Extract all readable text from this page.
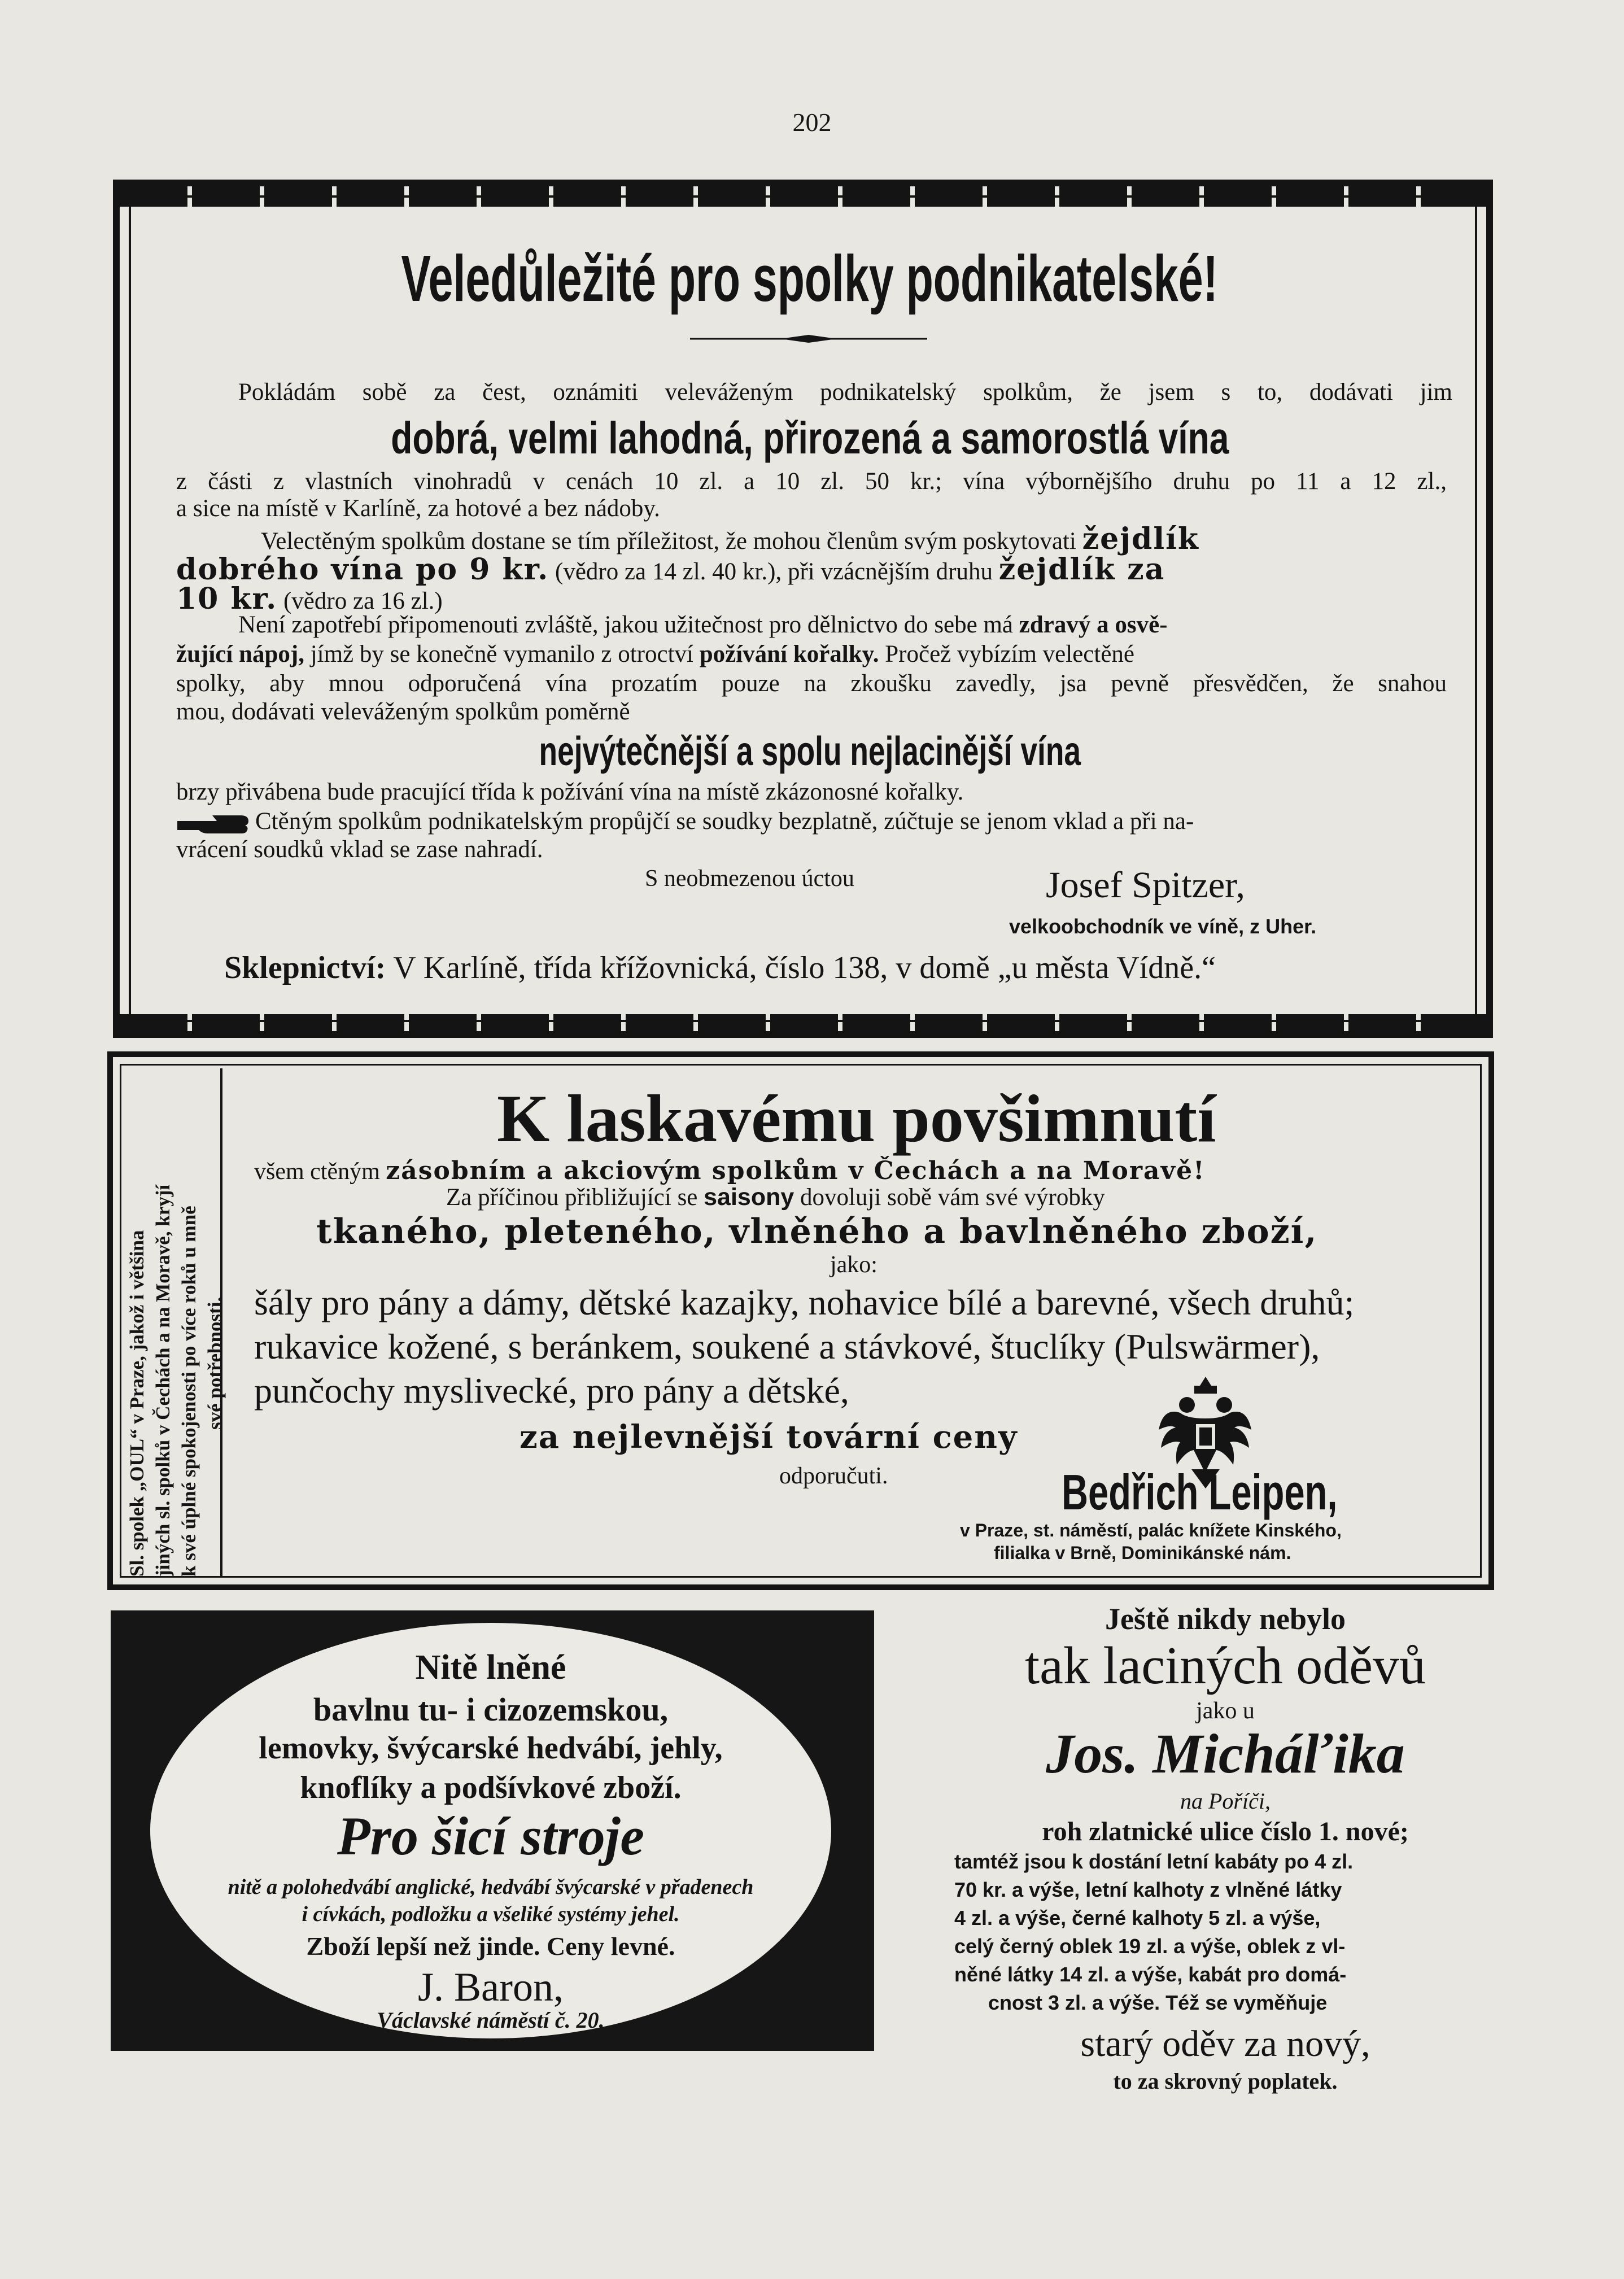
202
Veledůležité pro spolky podnikatelské!
Pokládám sobě za čest, oznámiti veleváženým podnikatelský spolkům, že jsem s to, dodávati jim
dobrá, velmi lahodná, přirozená a samorostlá vína
z části z vlastních vinohradů v cenách 10 zl. a 10 zl. 50 kr.; vína výbornějšího druhu po 11 a 12 zl.,
a sice na místě v Karlíně, za hotové a bez nádoby.
Velectěným spolkům dostane se tím příležitost, že mohou členům svým poskytovati žejdlík
dobrého vína po 9 kr. (vědro za 14 zl. 40 kr.), při vzácnějším druhu žejdlík za
10 kr. (vědro za 16 zl.)
Není zapotřebí připomenouti zvláště, jakou užitečnost pro dělnictvo do sebe má zdravý a osvě-
žující nápoj, jímž by se konečně vymanilo z otroctví požívání kořalky. Pročež vybízím velectěné
spolky, aby mnou odporučená vína prozatím pouze na zkoušku zavedly, jsa pevně přesvědčen, že snahou
mou, dodávati veleváženým spolkům poměrně
nejvýtečnější a spolu nejlacinější vína
brzy přivábena bude pracující třída k požívání vína na místě zkázonosné kořalky.
Ctěným spolkům podnikatelským propůjčí se soudky bezplatně, zúčtuje se jenom vklad a při na-
vrácení soudků vklad se zase nahradí.
S neobmezenou úctou	Josef Spitzer,
velkoobchodník ve víně, z Uher.
Sklepnictví: V Karlíně, třída křížovnická, číslo 138, v domě „u města Vídně.“
Sl. spolek „OUL“ v Praze, jakož i většina jiných sl. spolků v Čechách a na Moravě, kryjí k své úplné spokojenosti po více roků u mně své potřebnosti.
K laskavému povšimnutí
všem ctěným zásobním a akciovým spolkům v Čechách a na Moravě!
Za příčinou přibližující se saisony dovoluji sobě vám své výrobky
tkaného, pleteného, vlněného a bavlněného zboží,
jako:
šály pro pány a dámy, dětské kazajky, nohavice bílé a barevné, všech druhů;
rukavice kožené, s beránkem, soukené a stávkové, štuclíky (Pulswärmer),
punčochy myslivecké, pro pány a dětské,
za nejlevnější tovární ceny
odporučuti.	Bedřich Leipen,
v Praze, st. náměstí, palác knížete Kinského,
filialka v Brně, Dominikánské nám.
Nitě lněné
bavlnu tu- i cizozemskou,
lemovky, švýcarské hedvábí, jehly,
knoflíky a podšívkové zboží.
Pro šicí stroje
nitě a polohedvábí anglické, hedvábí švýcarské v přadenech
i cívkách, podložku a všeliké systémy jehel.
Zboží lepší než jinde. Ceny levné.
J. Baron,
Václavské náměstí č. 20.
Ještě nikdy nebylo
tak laciných oděvů
jako u
Jos. Micháľika
na Poříči,
roh zlatnické ulice číslo 1. nové;
tamtéž jsou k dostání letní kabáty po 4 zl.
70 kr. a výše, letní kalhoty z vlněné látky
4 zl. a výše, černé kalhoty 5 zl. a výše,
celý černý oblek 19 zl. a výše, oblek z vl-
něné látky 14 zl. a výše, kabát pro domá-
cnost 3 zl. a výše. Též se vyměňuje
starý oděv za nový,
to za skrovný poplatek.
